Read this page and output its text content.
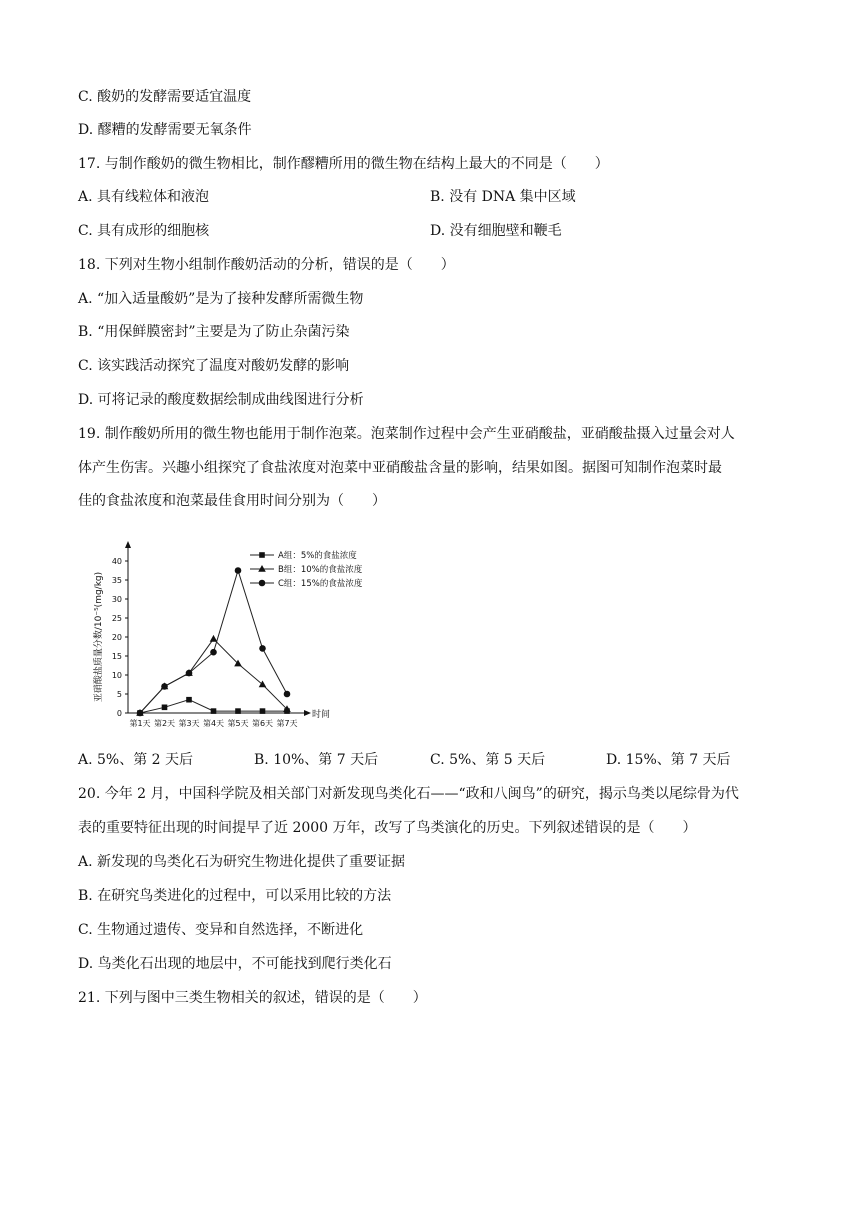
C. 酸奶的发酵需要适宜温度
D. 醪糟的发酵需要无氧条件
17. 与制作酸奶的微生物相比，制作醪糟所用的微生物在结构上最大的不同是（　　）
A. 具有线粒体和液泡	B. 没有 DNA 集中区域
C. 具有成形的细胞核	D. 没有细胞壁和鞭毛
18. 下列对生物小组制作酸奶活动的分析，错误的是（　　）
A. “加入适量酸奶”是为了接种发酵所需微生物
B. “用保鲜膜密封”主要是为了防止杂菌污染
C. 该实践活动探究了温度对酸奶发酵的影响
D. 可将记录的酸度数据绘制成曲线图进行分析
19. 制作酸奶所用的微生物也能用于制作泡菜。泡菜制作过程中会产生亚硝酸盐，亚硝酸盐摄入过量会对人
体产生伤害。兴趣小组探究了食盐浓度对泡菜中亚硝酸盐含量的影响，结果如图。据图可知制作泡菜时最
佳的食盐浓度和泡菜最佳食用时间分别为（　　）
0
5
10
15
20
25
30
35
40
第1天 第2天 第3天 第4天 第5天 第6天 第7天
时间
亚硝酸盐质量分数/10⁻⁵(mg/kg)
A组：5%的食盐浓度
B组：10%的食盐浓度
C组：15%的食盐浓度
A. 5%、第 2 天后	B. 10%、第 7 天后	C. 5%、第 5 天后	D. 15%、第 7 天后
20. 今年 2 月，中国科学院及相关部门对新发现鸟类化石——“政和八闽鸟”的研究，揭示鸟类以尾综骨为代
表的重要特征出现的时间提早了近 2000 万年，改写了鸟类演化的历史。下列叙述错误的是（　　）
A. 新发现的鸟类化石为研究生物进化提供了重要证据
B. 在研究鸟类进化的过程中，可以采用比较的方法
C. 生物通过遗传、变异和自然选择，不断进化
D. 鸟类化石出现的地层中，不可能找到爬行类化石
21. 下列与图中三类生物相关的叙述，错误的是（　　）
